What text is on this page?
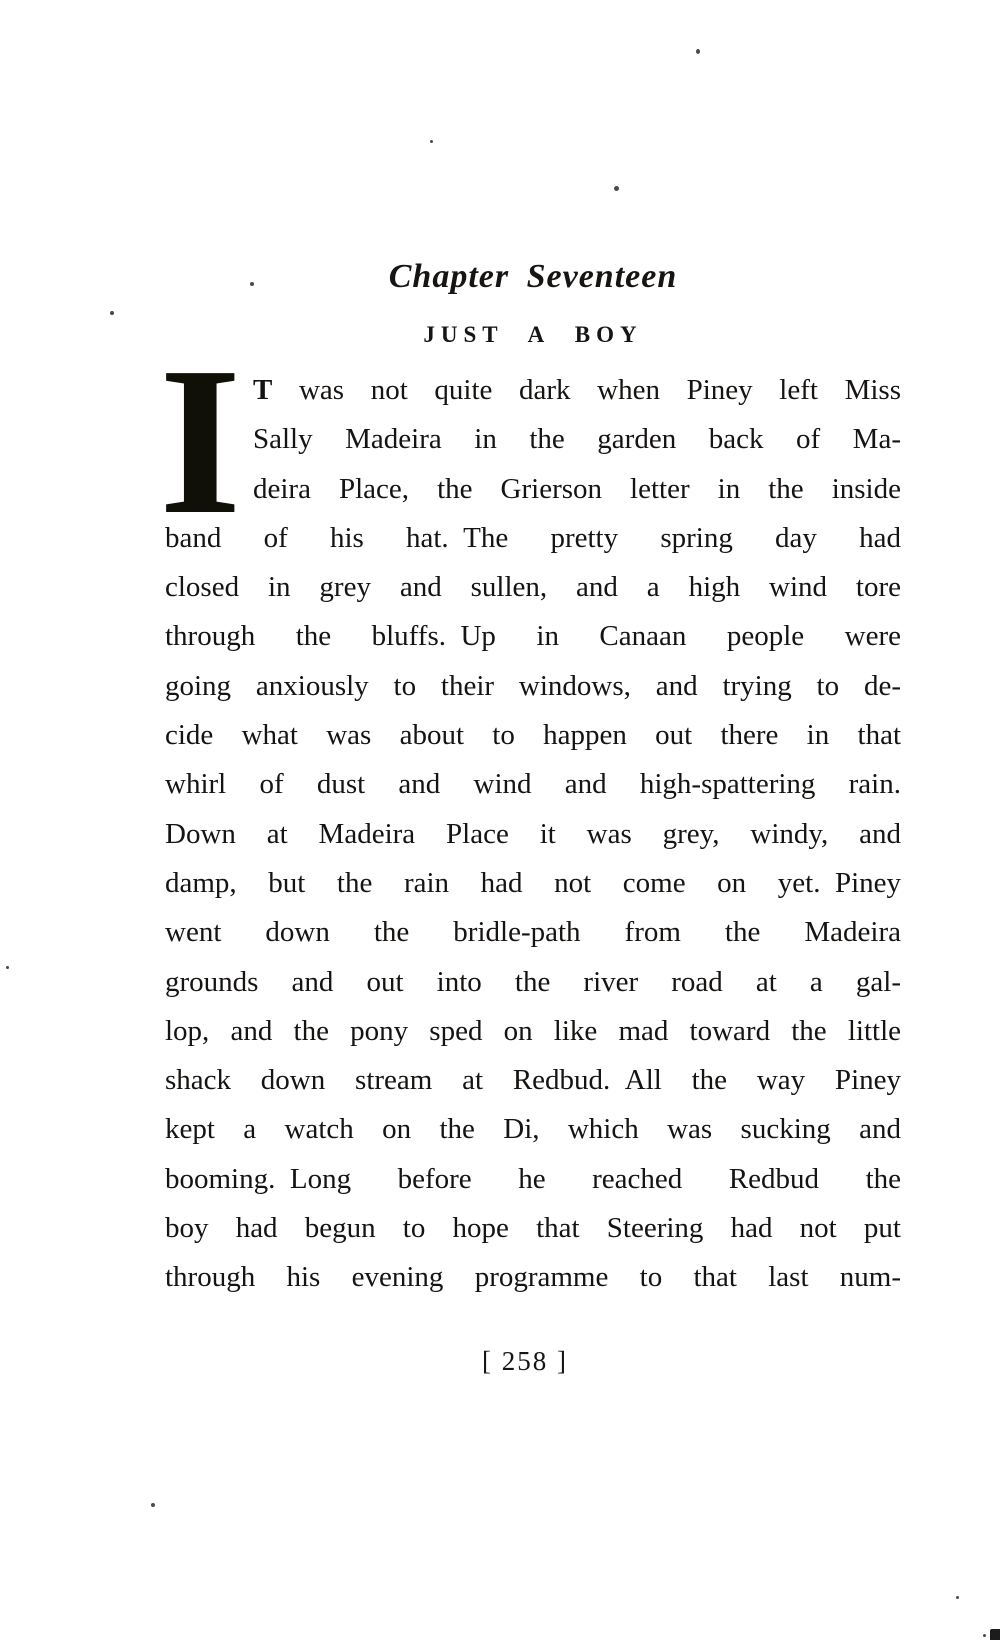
Chapter Seventeen
JUST A BOY
I T was not quite dark when Piney left Miss
Sally Madeira in the garden back of Ma-
deira Place, the Grierson letter in the inside
band of his hat. The pretty spring day had
closed in grey and sullen, and a high wind tore
through the bluffs. Up in Canaan people were
going anxiously to their windows, and trying to de-
cide what was about to happen out there in that
whirl of dust and wind and high-spattering rain.
Down at Madeira Place it was grey, windy, and
damp, but the rain had not come on yet. Piney
went down the bridle-path from the Madeira
grounds and out into the river road at a gal-
lop, and the pony sped on like mad toward the little
shack down stream at Redbud. All the way Piney
kept a watch on the Di, which was sucking and
booming. Long before he reached Redbud the
boy had begun to hope that Steering had not put
through his evening programme to that last num-
[ 258 ]
